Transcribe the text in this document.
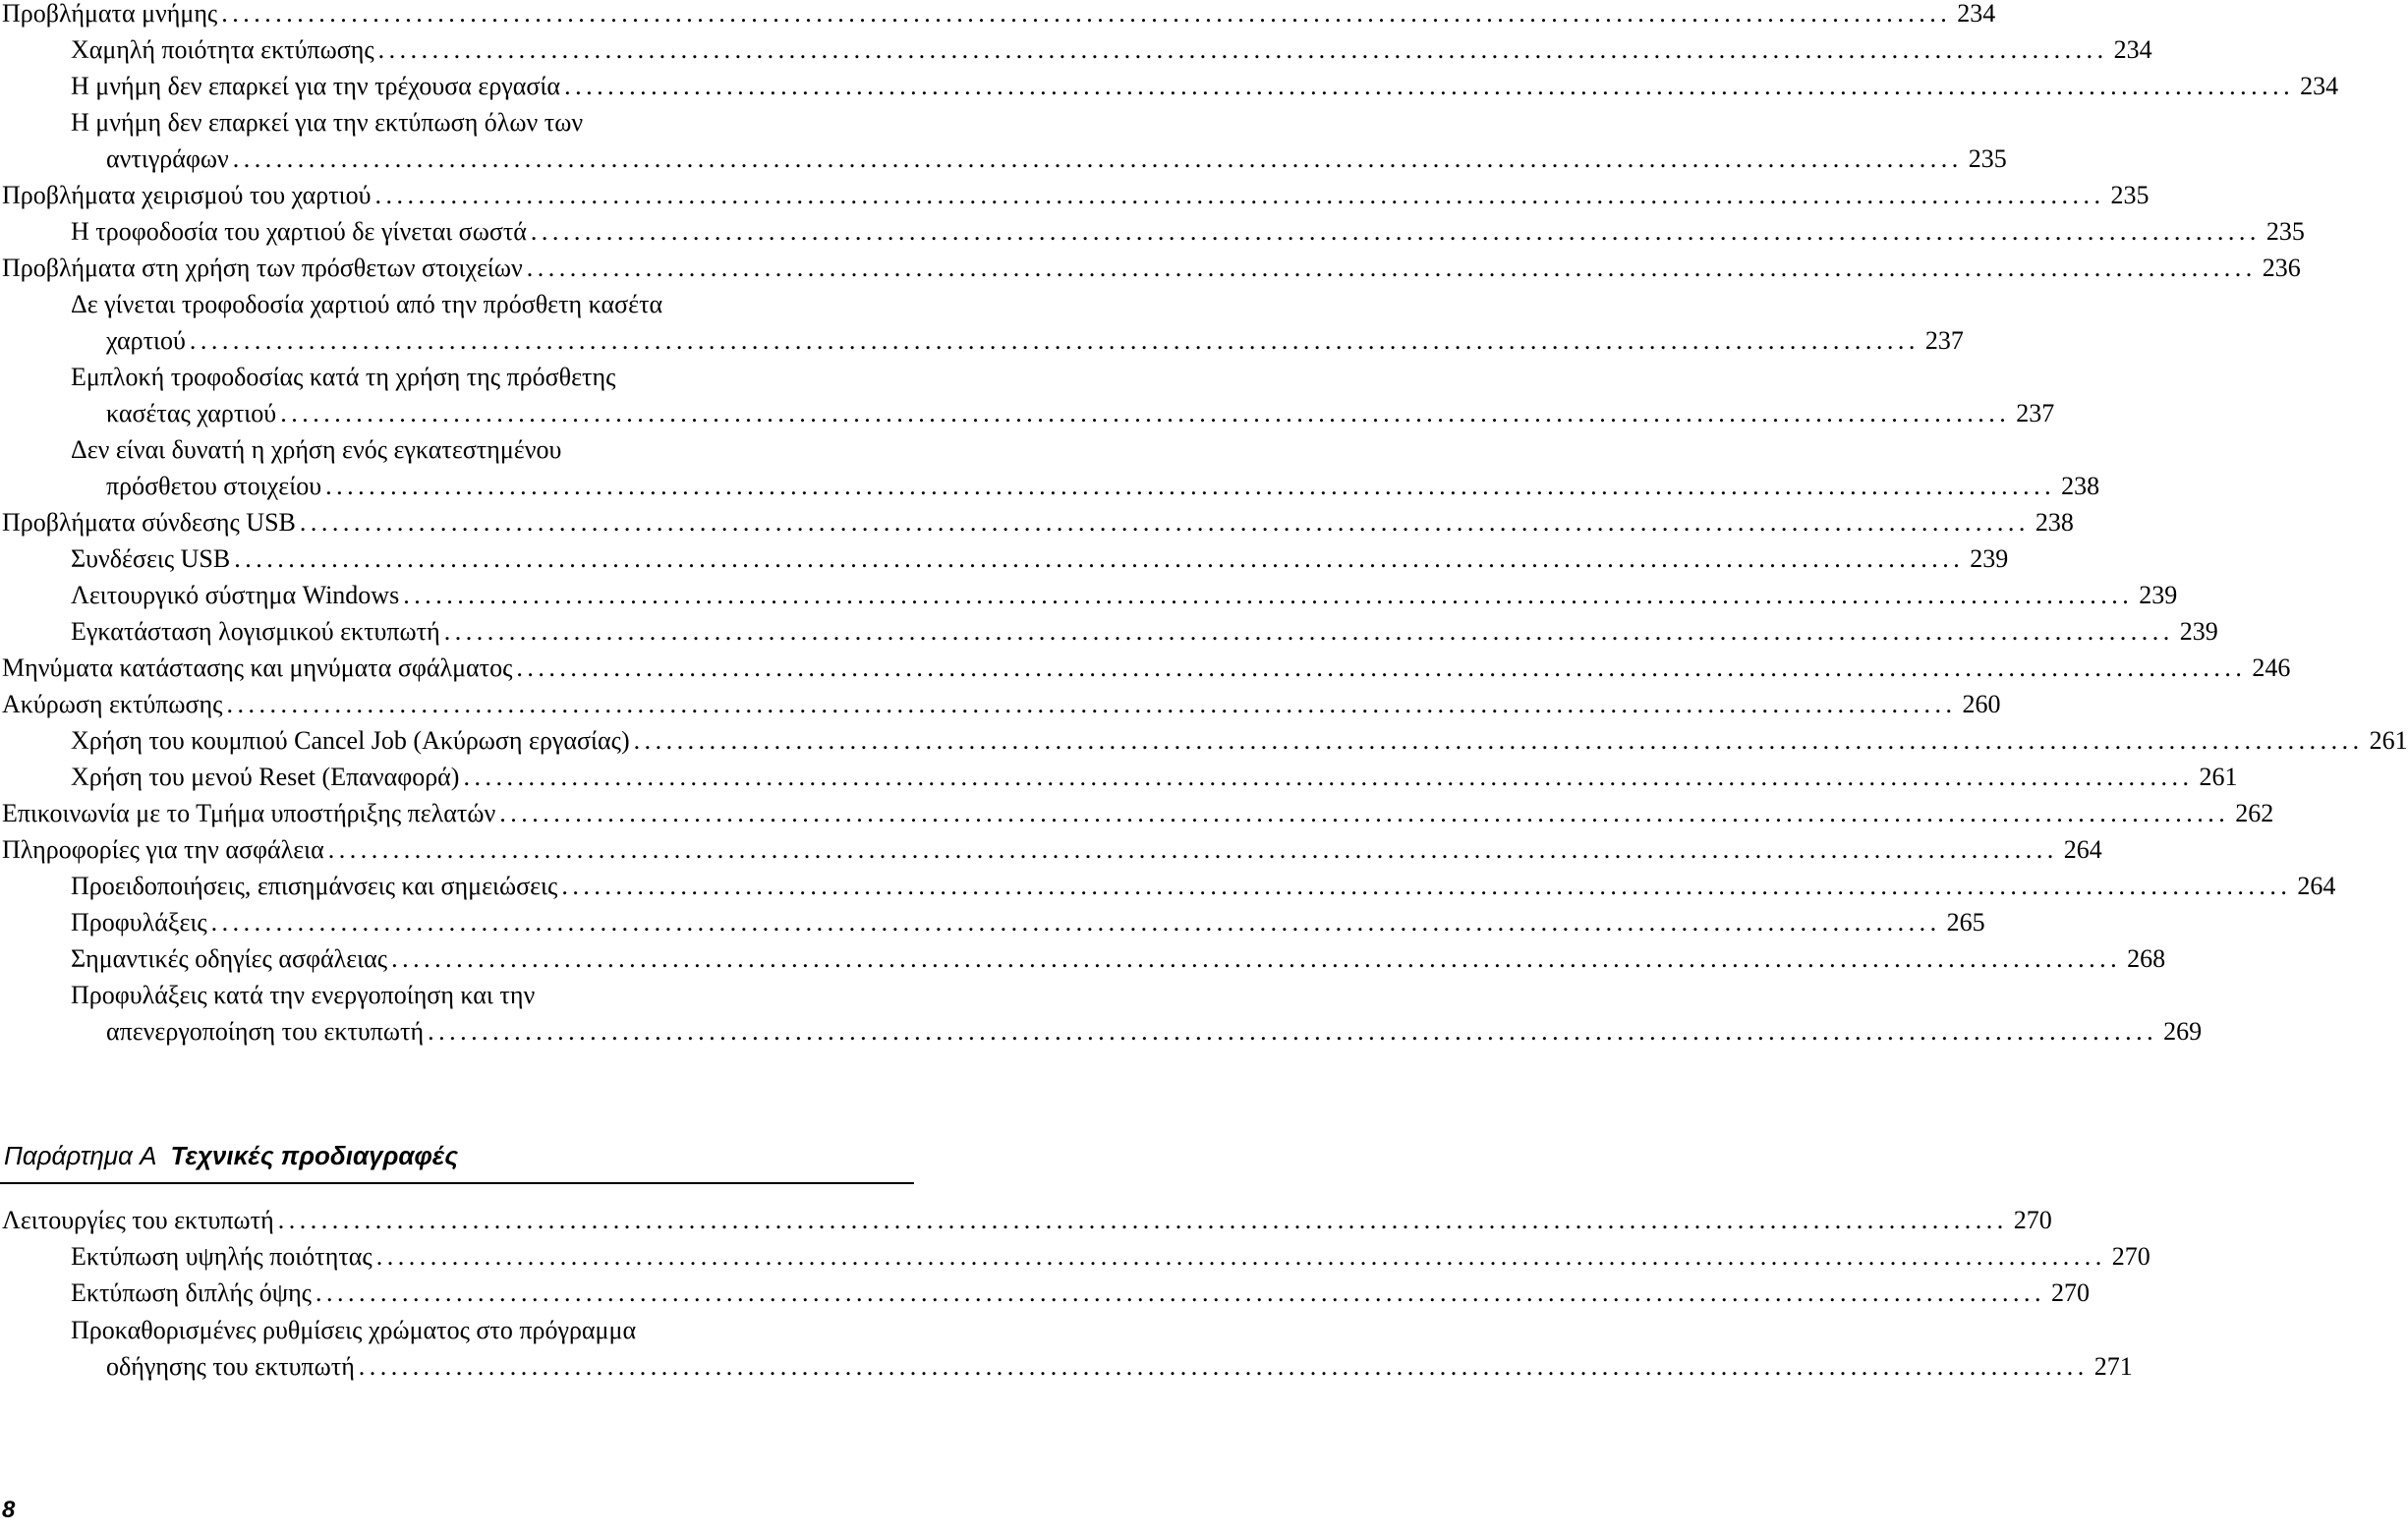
Προβλήματα μνήμης .....	234
Χαμηλή ποιότητα εκτύπωσης .....	234
Η μνήμη δεν επαρκεί για την τρέχουσα εργασία .....	234
Η μνήμη δεν επαρκεί για την εκτύπωση όλων των
αντιγράφων .....	235
Προβλήματα χειρισμού του χαρτιού .....	235
Η τροφοδοσία του χαρτιού δε γίνεται σωστά .....	235
Προβλήματα στη χρήση των πρόσθετων στοιχείων .....	236
Δε γίνεται τροφοδοσία χαρτιού από την πρόσθετη κασέτα
χαρτιού .....	237
Εμπλοκή τροφοδοσίας κατά τη χρήση της πρόσθετης
κασέτας χαρτιού .....	237
Δεν είναι δυνατή η χρήση ενός εγκατεστημένου
πρόσθετου στοιχείου .....	238
Προβλήματα σύνδεσης USB .....	238
Συνδέσεις USB .....	239
Λειτουργικό σύστημα Windows .....	239
Εγκατάσταση λογισμικού εκτυπωτή .....	239
Μηνύματα κατάστασης και μηνύματα σφάλματος .....	246
Ακύρωση εκτύπωσης .....	260
Χρήση του κουμπιού Cancel Job (Ακύρωση εργασίας) .....	261
Χρήση του μενού Reset (Επαναφορά) .....	261
Επικοινωνία με το Τμήμα υποστήριξης πελατών .....	262
Πληροφορίες για την ασφάλεια .....	264
Προειδοποιήσεις, επισημάνσεις και σημειώσεις .....	264
Προφυλάξεις .....	265
Σημαντικές οδηγίες ασφάλειας .....	268
Προφυλάξεις κατά την ενεργοποίηση και την
απενεργοποίηση του εκτυπωτή .....	269
Παράρτημα A Τεχνικές προδιαγραφές
Λειτουργίες του εκτυπωτή .....	270
Εκτύπωση υψηλής ποιότητας .....	270
Εκτύπωση διπλής όψης .....	270
Προκαθορισμένες ρυθμίσεις χρώματος στο πρόγραμμα
οδήγησης του εκτυπωτή .....	271
8
